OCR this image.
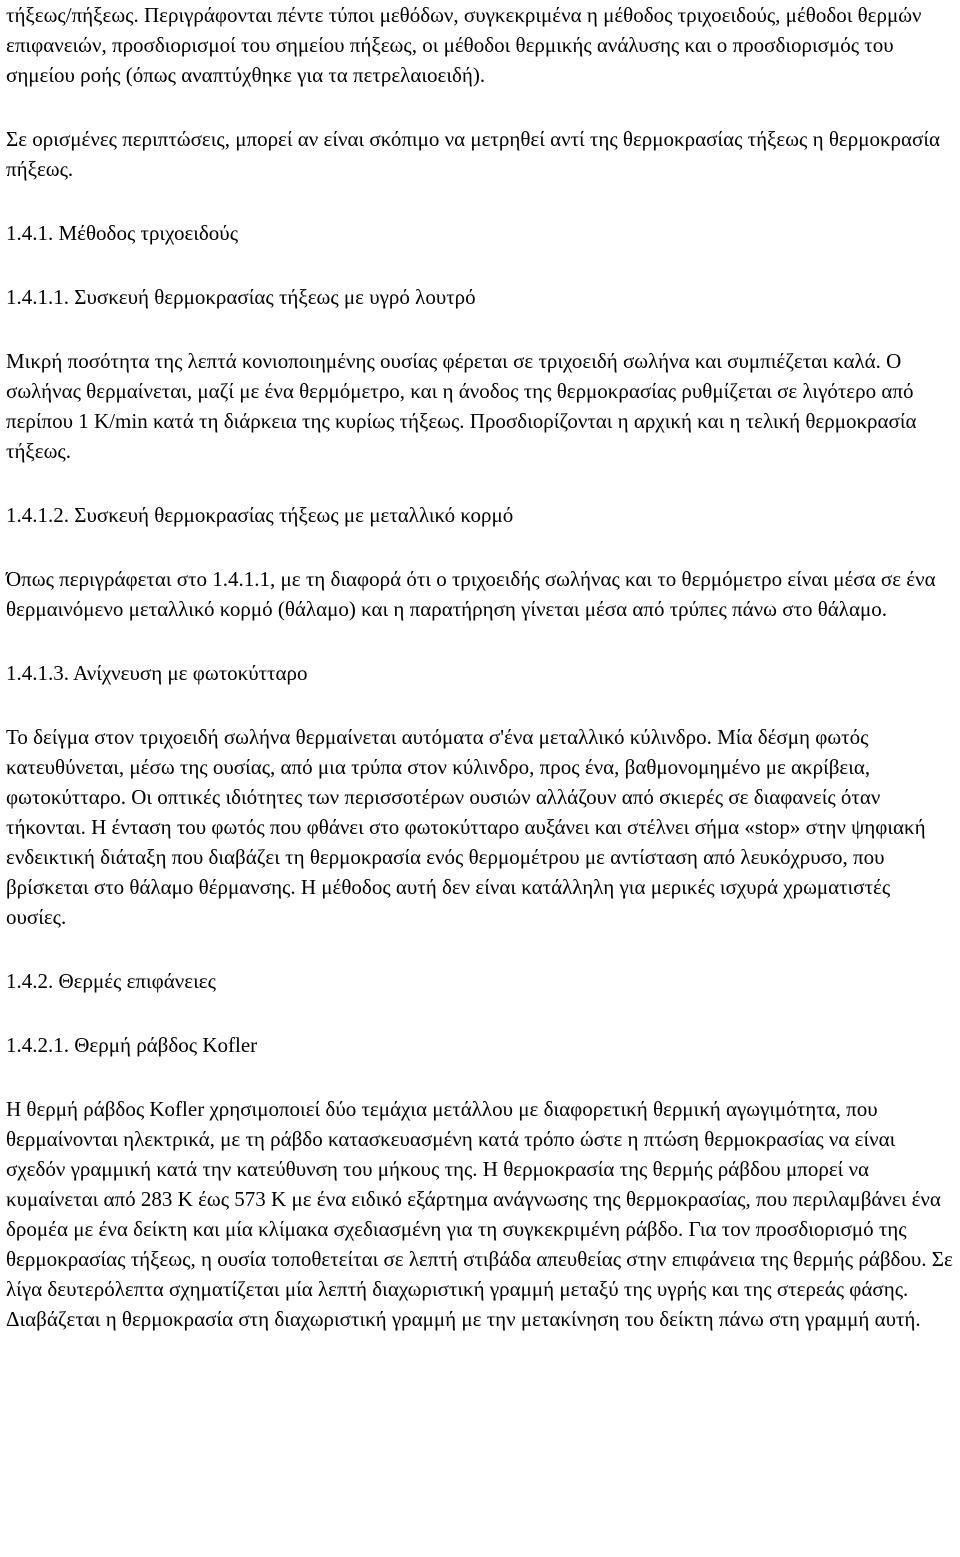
τήξεως/πήξεως. Περιγράφονται πέντε τύποι μεθόδων, συγκεκριμένα η μέθοδος τριχοειδούς, μέθοδοι θερμών επιφανειών, προσδιορισμοί του σημείου πήξεως, οι μέθοδοι θερμικής ανάλυσης και ο προσδιορισμός του σημείου ροής (όπως αναπτύχθηκε για τα πετρελαιοειδή).

Σε ορισμένες περιπτώσεις, μπορεί αν είναι σκόπιμο να μετρηθεί αντί της θερμοκρασίας τήξεως η θερμοκρασία πήξεως.

1.4.1. Μέθοδος τριχοειδούς

1.4.1.1. Συσκευή θερμοκρασίας τήξεως με υγρό λουτρό

Μικρή ποσότητα της λεπτά κονιοποιημένης ουσίας φέρεται σε τριχοειδή σωλήνα και συμπιέζεται καλά. Ο σωλήνας θερμαίνεται, μαζί με ένα θερμόμετρο, και η άνοδος της θερμοκρασίας ρυθμίζεται σε λιγότερο από περίπου 1 K/min κατά τη διάρκεια της κυρίως τήξεως. Προσδιορίζονται η αρχική και η τελική θερμοκρασία τήξεως.

1.4.1.2. Συσκευή θερμοκρασίας τήξεως με μεταλλικό κορμό

Όπως περιγράφεται στο 1.4.1.1, με τη διαφορά ότι ο τριχοειδής σωλήνας και το θερμόμετρο είναι μέσα σε ένα θερμαινόμενο μεταλλικό κορμό (θάλαμο) και η παρατήρηση γίνεται μέσα από τρύπες πάνω στο θάλαμο.

1.4.1.3. Ανίχνευση με φωτοκύτταρο

Το δείγμα στον τριχοειδή σωλήνα θερμαίνεται αυτόματα σ'ένα μεταλλικό κύλινδρο. Μία δέσμη φωτός κατευθύνεται, μέσω της ουσίας, από μια τρύπα στον κύλινδρο, προς ένα, βαθμονομημένο με ακρίβεια, φωτοκύτταρο. Οι οπτικές ιδιότητες των περισσοτέρων ουσιών αλλάζουν από σκιερές σε διαφανείς όταν τήκονται. Η ένταση του φωτός που φθάνει στο φωτοκύτταρο αυξάνει και στέλνει σήμα «stop» στην ψηφιακή ενδεικτική διάταξη που διαβάζει τη θερμοκρασία ενός θερμομέτρου με αντίσταση από λευκόχρυσο, που βρίσκεται στο θάλαμο θέρμανσης. Η μέθοδος αυτή δεν είναι κατάλληλη για μερικές ισχυρά χρωματιστές ουσίες.

1.4.2. Θερμές επιφάνειες

1.4.2.1. Θερμή ράβδος Kofler

Η θερμή ράβδος Kofler χρησιμοποιεί δύο τεμάχια μετάλλου με διαφορετική θερμική αγωγιμότητα, που θερμαίνονται ηλεκτρικά, με τη ράβδο κατασκευασμένη κατά τρόπο ώστε η πτώση θερμοκρασίας να είναι σχεδόν γραμμική κατά την κατεύθυνση του μήκους της. Η θερμοκρασία της θερμής ράβδου μπορεί να κυμαίνεται από 283 K έως 573 K με ένα ειδικό εξάρτημα ανάγνωσης της θερμοκρασίας, που περιλαμβάνει ένα δρομέα με ένα δείκτη και μία κλίμακα σχεδιασμένη για τη συγκεκριμένη ράβδο. Για τον προσδιορισμό της θερμοκρασίας τήξεως, η ουσία τοποθετείται σε λεπτή στιβάδα απευθείας στην επιφάνεια της θερμής ράβδου. Σε λίγα δευτερόλεπτα σχηματίζεται μία λεπτή διαχωριστική γραμμή μεταξύ της υγρής και της στερεάς φάσης. Διαβάζεται η θερμοκρασία στη διαχωριστική γραμμή με την μετακίνηση του δείκτη πάνω στη γραμμή αυτή.
